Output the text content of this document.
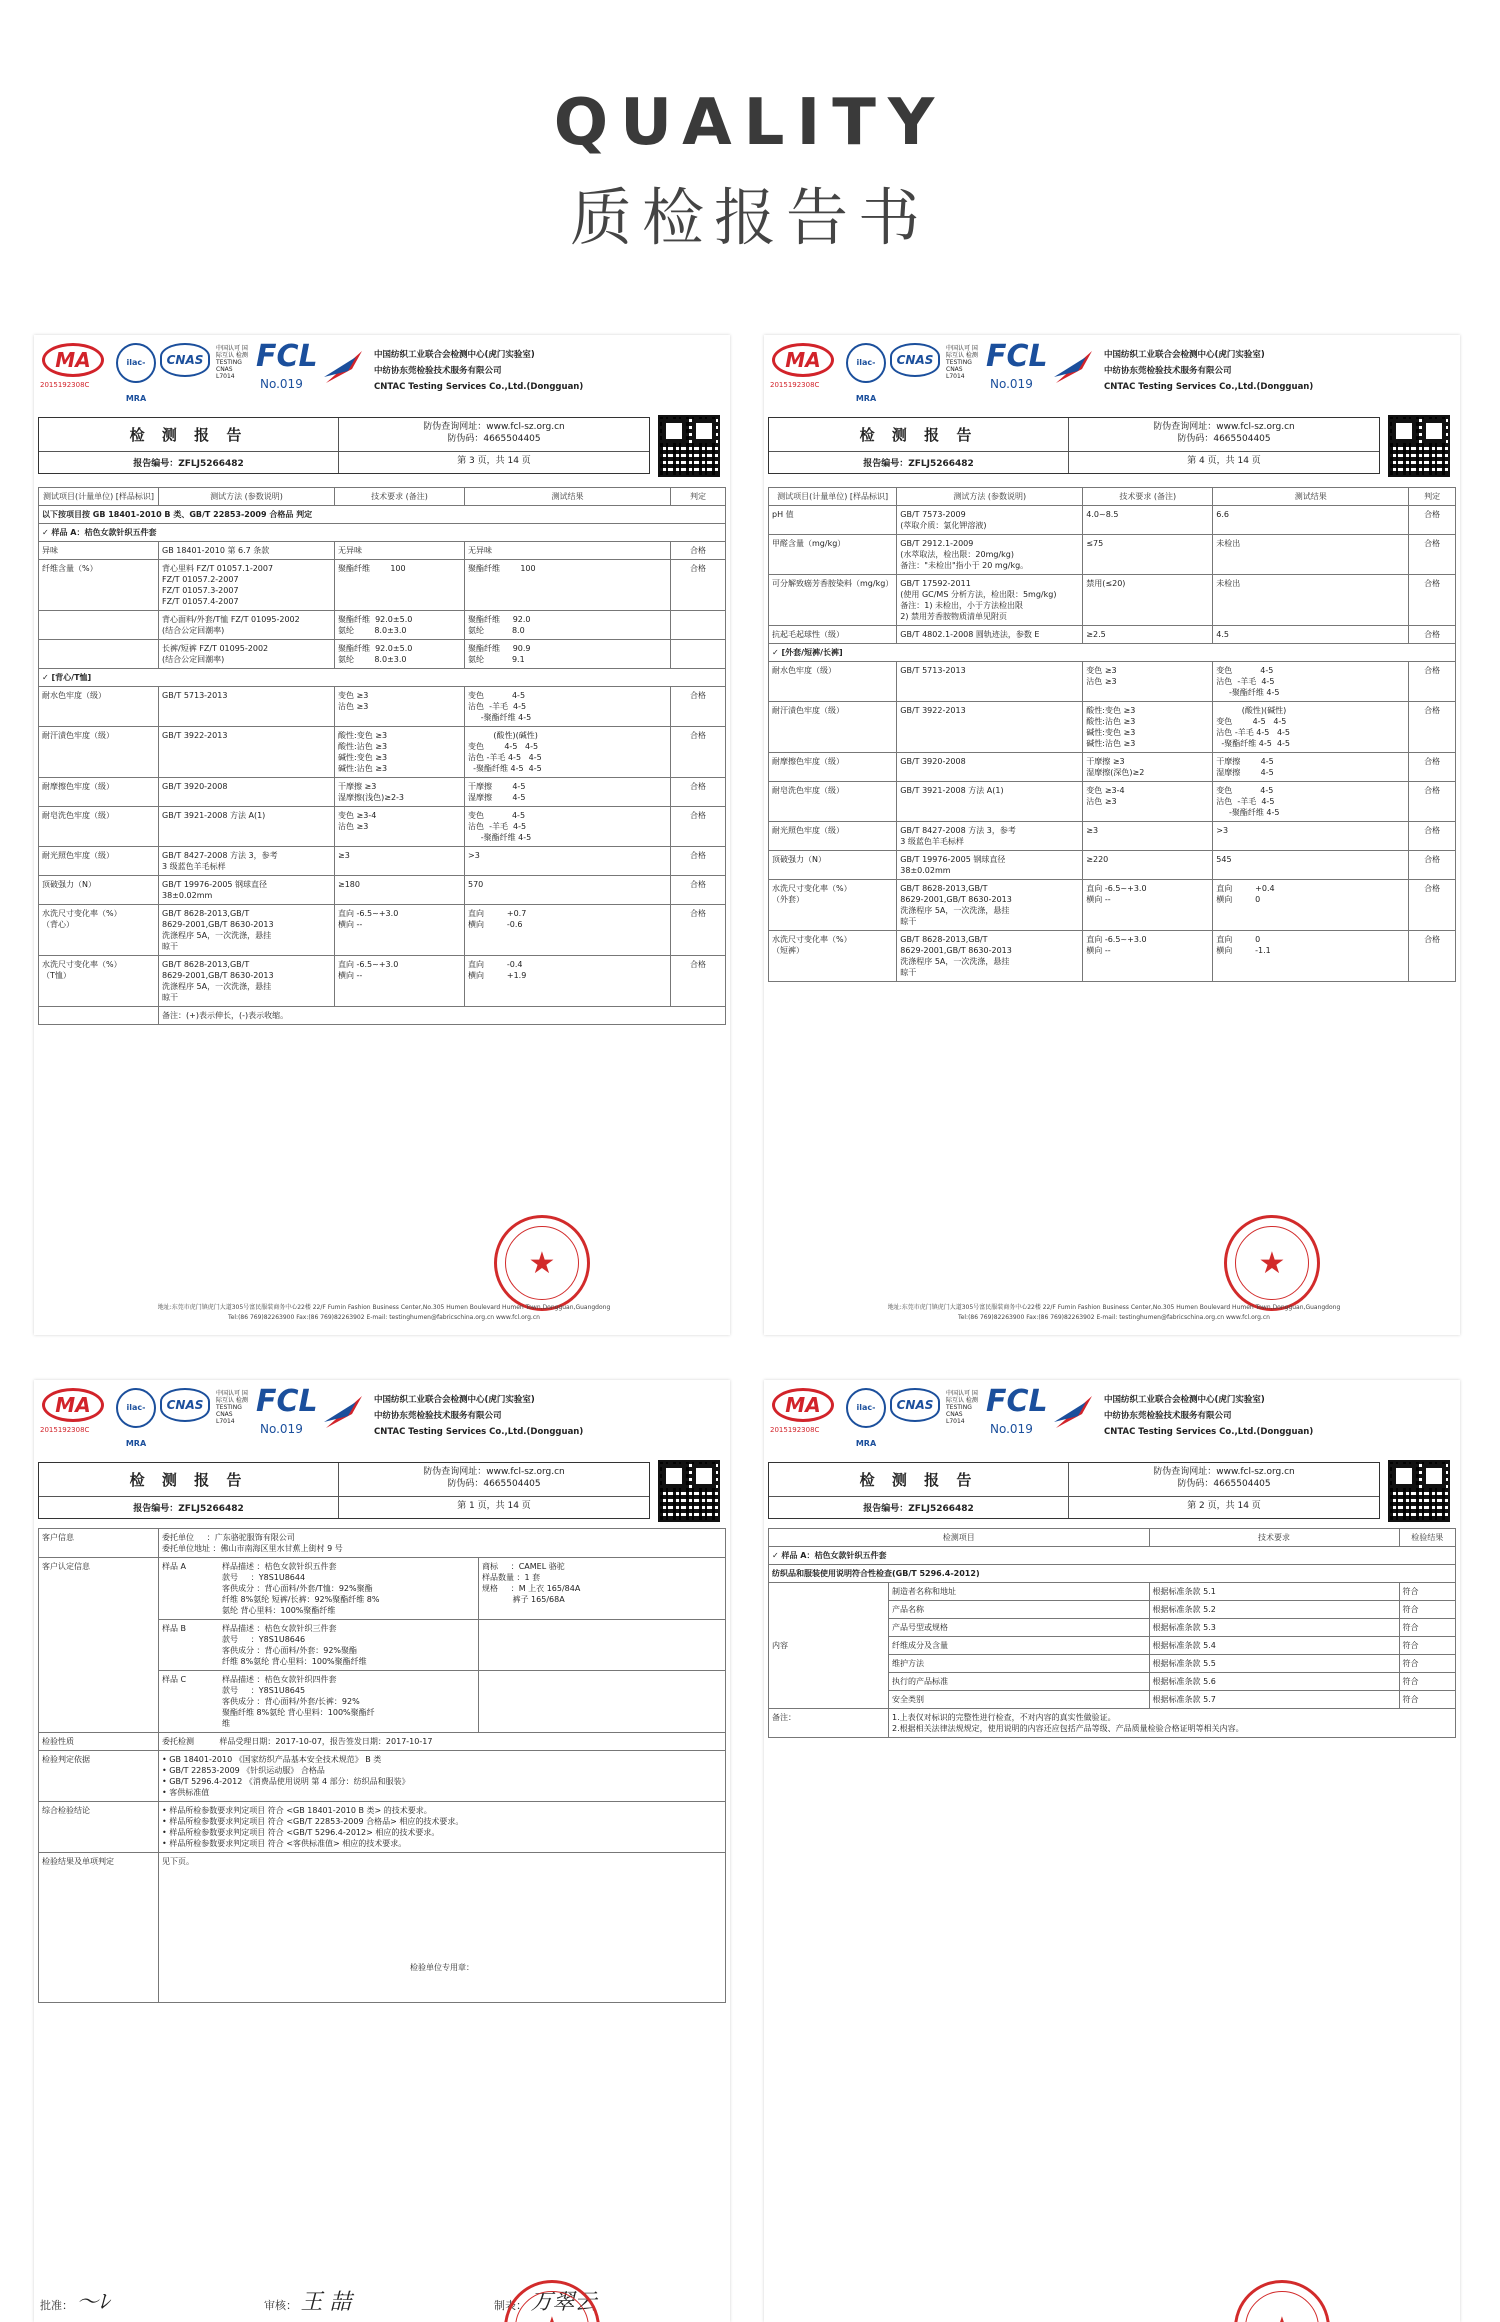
QUALITY
质检报告书
MA
2015192308C
ilac-MRA
CNAS
中国认可 国际互认 检测 TESTING CNAS L7014
FCL
No.019
中国纺织工业联合会检测中心(虎门实验室)
中纺协东莞检验技术服务有限公司
CNTAC Testing Services Co.,Ltd.(Dongguan)
检 测 报 告	防伪查询网址：www.fcl-sz.org.cn
防伪码：4665504405
报告编号：ZFLJ5266482	第 3 页，共 14 页
测试项目(计量单位) [样品标识]	测试方法 (参数说明)	技术要求 (备注)	测试结果	判定
以下按项目按 GB 18401-2010 B 类、GB/T 22853-2009 合格品 判定				
✓ 样品 A：桔色女款针织五件套				
异味	GB 18401-2010 第 6.7 条款	无异味	无异味	合格
纤维含量（%）	背心里料 FZ/T 01057.1-2007
FZ/T 01057.2-2007
FZ/T 01057.3-2007
FZ/T 01057.4-2007	聚酯纤维        100	聚酯纤维        100	合格
	背心面料/外套/T恤 FZ/T 01095-2002
(结合公定回潮率)	聚酯纤维  92.0±5.0
氨纶        8.0±3.0	聚酯纤维     92.0
氨纶           8.0	
	长裤/短裤 FZ/T 01095-2002
(结合公定回潮率)	聚酯纤维  92.0±5.0
氨纶        8.0±3.0	聚酯纤维     90.9
氨纶           9.1	
✓ [背心/T恤]				
耐水色牢度（级）	GB/T 5713-2013	变色 ≥3
沾色 ≥3	变色           4-5
沾色  -羊毛  4-5
-聚酯纤维 4-5	合格
耐汗渍色牢度（级）	GB/T 3922-2013	酸性:变色 ≥3
酸性:沾色 ≥3
碱性:变色 ≥3
碱性:沾色 ≥3	(酸性)(碱性)
变色        4-5   4-5
沾色 -羊毛 4-5   4-5
-聚酯纤维 4-5  4-5	合格
耐摩擦色牢度（级）	GB/T 3920-2008	干摩擦 ≥3
湿摩擦(浅色)≥2-3	干摩擦        4-5
湿摩擦        4-5	合格
耐皂洗色牢度（级）	GB/T 3921-2008 方法 A(1)	变色 ≥3-4
沾色 ≥3	变色           4-5
沾色  -羊毛  4-5
-聚酯纤维 4-5	合格
耐光照色牢度（级）	GB/T 8427-2008 方法 3，参考
3 级蓝色羊毛标样	≥3	>3	合格
顶破强力（N）	GB/T 19976-2005 钢球直径
38±0.02mm	≥180	570	合格
水洗尺寸变化率（%）
（背心）	GB/T 8628-2013,GB/T
8629-2001,GB/T 8630-2013
洗涤程序 5A，一次洗涤，悬挂
晾干	直向 -6.5~+3.0
横向 --	直向         +0.7
横向         -0.6	合格
水洗尺寸变化率（%）
（T恤）	GB/T 8628-2013,GB/T
8629-2001,GB/T 8630-2013
洗涤程序 5A，一次洗涤，悬挂
晾干	直向 -6.5~+3.0
横向 --	直向         -0.4
横向         +1.9	合格
	备注：(+)表示伸长，(-)表示收缩。			
★
地址:东莞市虎门镇虎门大道305号富民服装商务中心22楼 22/F Fumin Fashion Business Center,No.305 Humen Boulevard Humen Town,Dongguan,Guangdong
Tel:(86 769)82263900 Fax:(86 769)82263902 E-mail: testinghumen@fabricschina.org.cn www.fcl.org.cn
MA
2015192308C
ilac-MRA
CNAS
中国认可 国际互认 检测 TESTING CNAS L7014
FCL
No.019
中国纺织工业联合会检测中心(虎门实验室)
中纺协东莞检验技术服务有限公司
CNTAC Testing Services Co.,Ltd.(Dongguan)
检 测 报 告	防伪查询网址：www.fcl-sz.org.cn
防伪码：4665504405
报告编号：ZFLJ5266482	第 4 页，共 14 页
测试项目(计量单位) [样品标识]	测试方法 (参数说明)	技术要求 (备注)	测试结果	判定
pH 值	GB/T 7573-2009
(萃取介质：氯化钾溶液)	4.0~8.5	6.6	合格
甲醛含量（mg/kg）	GB/T 2912.1-2009
(水萃取法，检出限：20mg/kg)
备注："未检出"指小于 20 mg/kg。	≤75	未检出	合格
可分解致癌芳香胺染料（mg/kg）	GB/T 17592-2011
(使用 GC/MS 分析方法，检出限：5mg/kg)
备注：1) 未检出，小于方法检出限
2) 禁用芳香胺物质清单见附页	禁用(≤20)	未检出	合格
抗起毛起球性（级）	GB/T 4802.1-2008 圆轨迹法，参数 E	≥2.5	4.5	合格
✓ [外套/短裤/长裤]				
耐水色牢度（级）	GB/T 5713-2013	变色 ≥3
沾色 ≥3	变色           4-5
沾色  -羊毛  4-5
-聚酯纤维 4-5	合格
耐汗渍色牢度（级）	GB/T 3922-2013	酸性:变色 ≥3
酸性:沾色 ≥3
碱性:变色 ≥3
碱性:沾色 ≥3	(酸性)(碱性)
变色        4-5   4-5
沾色 -羊毛 4-5   4-5
-聚酯纤维 4-5  4-5	合格
耐摩擦色牢度（级）	GB/T 3920-2008	干摩擦 ≥3
湿摩擦(深色)≥2	干摩擦        4-5
湿摩擦        4-5	合格
耐皂洗色牢度（级）	GB/T 3921-2008 方法 A(1)	变色 ≥3-4
沾色 ≥3	变色           4-5
沾色  -羊毛  4-5
-聚酯纤维 4-5	合格
耐光照色牢度（级）	GB/T 8427-2008 方法 3，参考
3 级蓝色羊毛标样	≥3	>3	合格
顶破强力（N）	GB/T 19976-2005 钢球直径
38±0.02mm	≥220	545	合格
水洗尺寸变化率（%）
（外套）	GB/T 8628-2013,GB/T
8629-2001,GB/T 8630-2013
洗涤程序 5A，一次洗涤，悬挂
晾干	直向 -6.5~+3.0
横向 --	直向         +0.4
横向         0	合格
水洗尺寸变化率（%）
（短裤）	GB/T 8628-2013,GB/T
8629-2001,GB/T 8630-2013
洗涤程序 5A，一次洗涤，悬挂
晾干	直向 -6.5~+3.0
横向 --	直向         0
横向         -1.1	合格
★
地址:东莞市虎门镇虎门大道305号富民服装商务中心22楼 22/F Fumin Fashion Business Center,No.305 Humen Boulevard Humen Town,Dongguan,Guangdong
Tel:(86 769)82263900 Fax:(86 769)82263902 E-mail: testinghumen@fabricschina.org.cn www.fcl.org.cn
MA
2015192308C
ilac-MRA
CNAS
中国认可 国际互认 检测 TESTING CNAS L7014
FCL
No.019
中国纺织工业联合会检测中心(虎门实验室)
中纺协东莞检验技术服务有限公司
CNTAC Testing Services Co.,Ltd.(Dongguan)
检 测 报 告	防伪查询网址：www.fcl-sz.org.cn
防伪码：4665504405
报告编号：ZFLJ5266482	第 1 页，共 14 页
客户信息	委托单位     ：广东骆驼服饰有限公司
委托单位地址 ：佛山市南海区里水甘蕉上街村 9 号	
客户认定信息	样品 A 样品描述 ：桔色女款针织五件套
款号     ：Y8S1U8644
客供成分 ：背心面料/外套/T恤：92%聚酯
纤维 8%氨纶 短裤/长裤：92%聚酯纤维 8%
氨纶 背心里料：100%聚酯纤维	商标     ：CAMEL 骆驼
样品数量 ：1 套
规格     ：M 上衣 165/84A
裤子 165/68A
	样品 B 样品描述 ：桔色女款针织三件套
款号     ：Y8S1U8646
客供成分 ：背心面料/外套：92%聚酯
纤维 8%氨纶 背心里料：100%聚酯纤维	
	样品 C 样品描述 ：桔色女款针织四件套
款号     ：Y8S1U8645
客供成分 ：背心面料/外套/长裤：92%
聚酯纤维 8%氨纶 背心里料：100%聚酯纤
维	
检验性质	委托检测          样品受理日期：2017-10-07，报告签发日期：2017-10-17	
检验判定依据	• GB 18401-2010 《国家纺织产品基本安全技术规范》 B 类
• GB/T 22853-2009 《针织运动服》 合格品
• GB/T 5296.4-2012 《消费品使用说明 第 4 部分：纺织品和服装》
• 客供标准值	
综合检验结论	• 样品所检参数要求判定项目 符合 <GB 18401-2010 B 类> 的技术要求。
• 样品所检参数要求判定项目 符合 <GB/T 22853-2009 合格品> 相应的技术要求。
• 样品所检参数要求判定项目 符合 <GB/T 5296.4-2012> 相应的技术要求。
• 样品所检参数要求判定项目 符合 <客供标准值> 相应的技术要求。	
检验结果及单项判定	见下页。
检验单位专用章：	
批准： ～ﾚ	审核： 王 喆	制表： 万翠云
★
MA
2015192308C
ilac-MRA
CNAS
中国认可 国际互认 检测 TESTING CNAS L7014
FCL
No.019
中国纺织工业联合会检测中心(虎门实验室)
中纺协东莞检验技术服务有限公司
CNTAC Testing Services Co.,Ltd.(Dongguan)
检 测 报 告	防伪查询网址：www.fcl-sz.org.cn
防伪码：4665504405
报告编号：ZFLJ5266482	第 2 页，共 14 页
检测项目		技术要求	检验结果
✓ 样品 A：桔色女款针织五件套			
纺织品和服装使用说明符合性检查(GB/T 5296.4-2012)			
内容	制造者名称和地址	根据标准条款 5.1	符合
	产品名称	根据标准条款 5.2	符合
	产品号型或规格	根据标准条款 5.3	符合
	纤维成分及含量	根据标准条款 5.4	符合
	维护方法	根据标准条款 5.5	符合
	执行的产品标准	根据标准条款 5.6	符合
	安全类别	根据标准条款 5.7	符合
备注：	1.上表仅对标识的完整性进行检查，不对内容的真实性做验证。
2.根据相关法律法规规定，使用说明的内容还应包括产品等级、产品质量检验合格证明等相关内容。		
★
